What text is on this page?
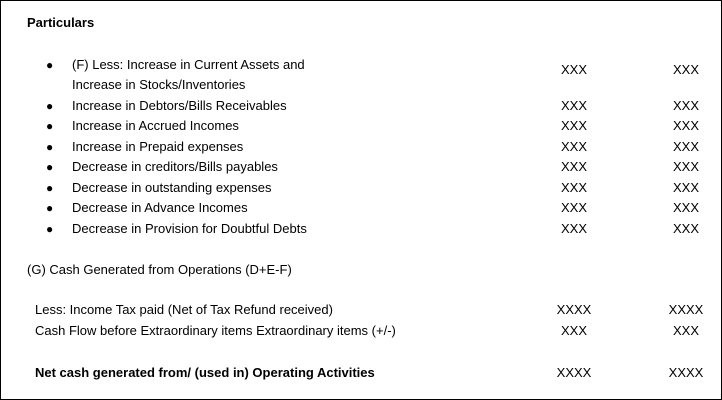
Particulars
● (F) Less: Increase in Current Assets and
Increase in Stocks/Inventories
XXX	XXX
● Increase in Debtors/Bills Receivables	XXX	XXX
● Increase in Accrued Incomes	XXX	XXX
● Increase in Prepaid expenses	XXX	XXX
● Decrease in creditors/Bills payables	XXX	XXX
● Decrease in outstanding expenses	XXX	XXX
● Decrease in Advance Incomes	XXX	XXX
● Decrease in Provision for Doubtful Debts	XXX	XXX
(G) Cash Generated from Operations (D+E-F)
Less: Income Tax paid (Net of Tax Refund received)	XXXX	XXXX
Cash Flow before Extraordinary items Extraordinary items (+/-)	XXX	XXX
Net cash generated from/ (used in) Operating Activities	XXXX	XXXX
